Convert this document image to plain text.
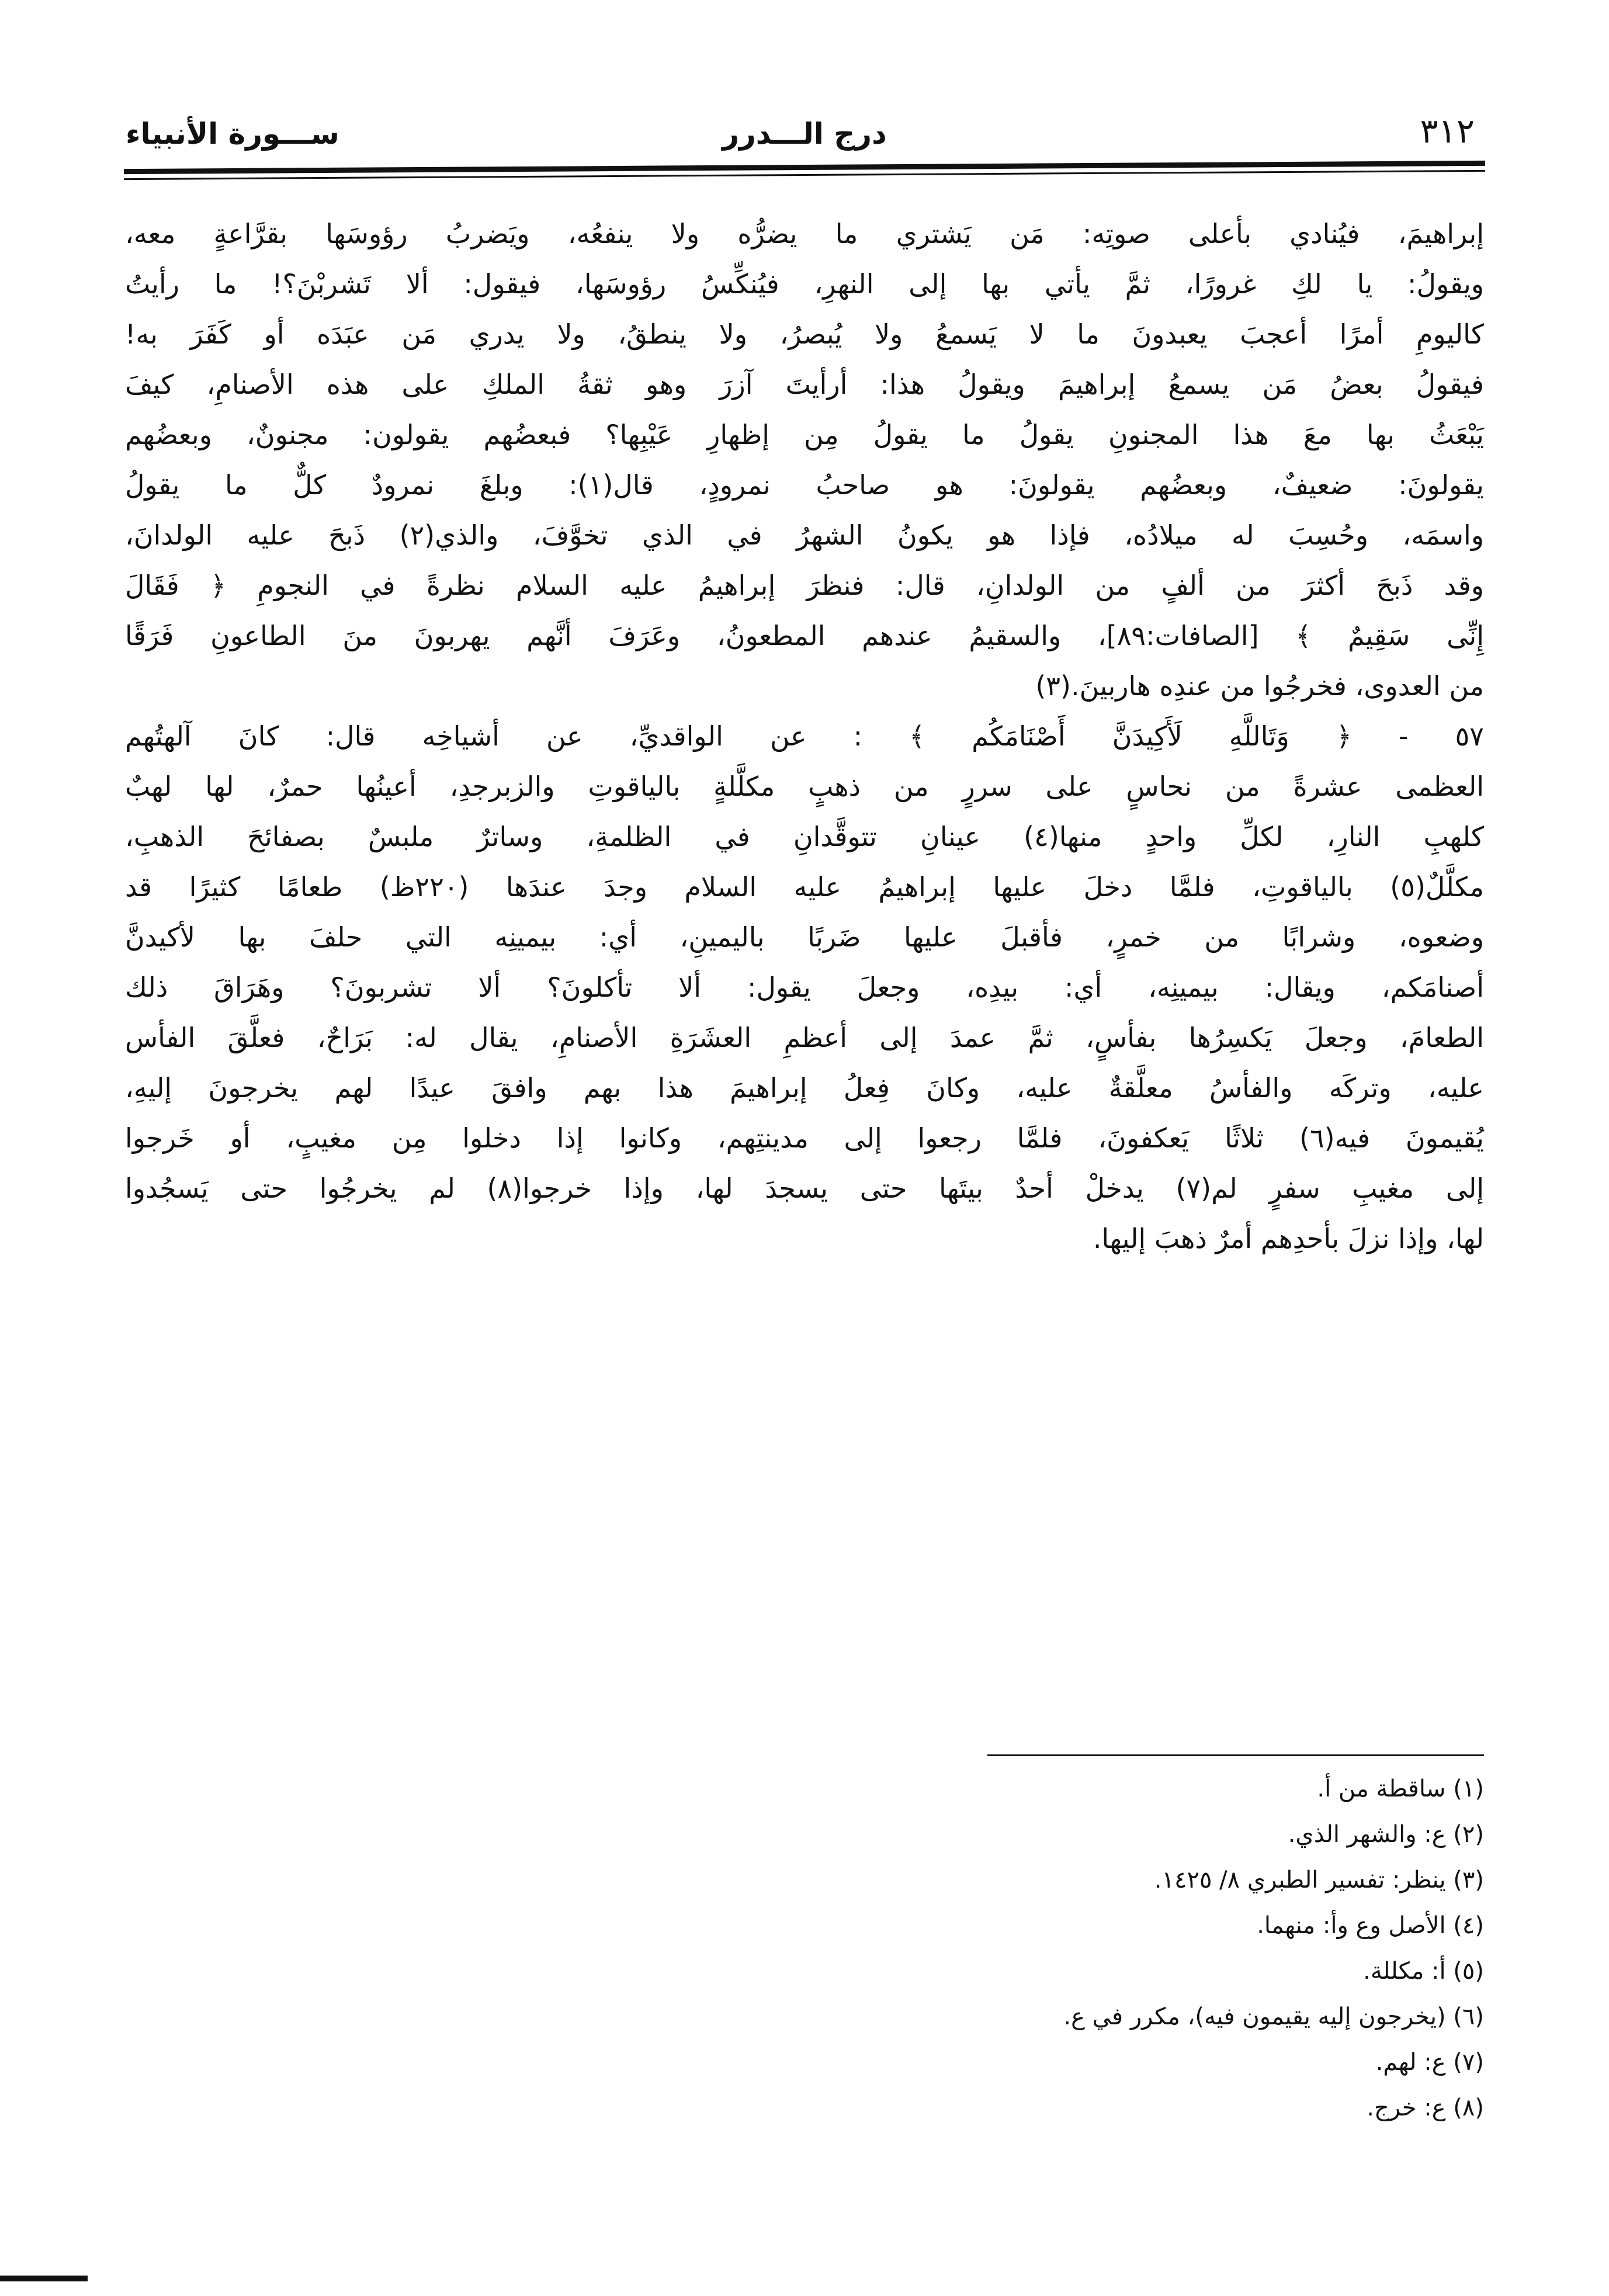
٣١٢
درج الـــدرر
ســـورة الأنبياء
إبراهيمَ، فيُنادي بأعلى صوتِه: مَن يَشتري ما يضرُّه ولا ينفعُه، ويَضربُ رؤوسَها بقرَّاعةٍ معه،
ويقولُ: يا لكِ غرورًا، ثمَّ يأتي بها إلى النهرِ، فيُنكِّسُ رؤوسَها، فيقول: ألا تَشربْنَ؟! ما رأيتُ
كاليومِ أمرًا أعجبَ يعبدونَ ما لا يَسمعُ ولا يُبصرُ، ولا ينطقُ، ولا يدري مَن عبَدَه أو كَفَرَ به!
فيقولُ بعضُ مَن يسمعُ إبراهيمَ ويقولُ هذا: أرأيتَ آزرَ وهو ثقةُ الملكِ على هذه الأصنامِ، كيفَ
يَبْعَثُ بها معَ هذا المجنونِ يقولُ ما يقولُ مِن إظهارِ عَيْبِها؟ فبعضُهم يقولون: مجنونٌ، وبعضُهم
يقولونَ: ضعيفٌ، وبعضُهم يقولونَ: هو صاحبُ نمرودٍ، قال(١): وبلغَ نمرودٌ كلٌّ ما يقولُ
واسمَه، وحُسِبَ له ميلادُه، فإذا هو يكونُ الشهرُ في الذي تخوَّفَ، والذي(٢) ذَبحَ عليه الولدانَ،
وقد ذَبحَ أكثرَ من ألفٍ من الولدانِ، قال: فنظرَ إبراهيمُ عليه السلام نظرةً في النجومِ ﴿ فَقَالَ
إِنِّى سَقِيمٌ ﴾ [الصافات:٨٩]، والسقيمُ عندهم المطعونُ، وعَرَفَ أنَّهم يهربونَ منَ الطاعونِ فَرَقًا
من العدوى، فخرجُوا من عندِه هاربينَ.(٣)
٥٧ - ﴿ وَتَاللَّهِ لَأَكِيدَنَّ أَصْنَامَكُم ﴾ : عن الواقديِّ، عن أشياخِه قال: كانَ آلهتُهم
العظمى عشرةً من نحاسٍ على سررٍ من ذهبٍ مكلَّلةٍ بالياقوتِ والزبرجدِ، أعينُها حمرٌ، لها لهبٌ
كلهبِ النارِ، لكلِّ واحدٍ منها(٤) عينانِ تتوقَّدانِ في الظلمةِ، وساترٌ ملبسٌ بصفائحَ الذهبِ،
مكلَّلٌ(٥) بالياقوتِ، فلمَّا دخلَ عليها إبراهيمُ عليه السلام وجدَ عندَها (٢٢٠ظ) طعامًا كثيرًا قد
وضعوه، وشرابًا من خمرٍ، فأقبلَ عليها ضَربًا باليمينِ، أي: بيمينِه التي حلفَ بها لأكيدنَّ
أصنامَكم، ويقال: بيمينِه، أي: بيدِه، وجعلَ يقول: ألا تأكلونَ؟ ألا تشربونَ؟ وهَرَاقَ ذلك
الطعامَ، وجعلَ يَكسِرُها بفأسٍ، ثمَّ عمدَ إلى أعظمِ العشَرَةِ الأصنامِ، يقال له: بَرَاحٌ، فعلَّقَ الفأس
عليه، وتركَه والفأسُ معلَّقةٌ عليه، وكانَ فِعلُ إبراهيمَ هذا بهم وافقَ عيدًا لهم يخرجونَ إليهِ،
يُقيمونَ فيه(٦) ثلاثًا يَعكفونَ، فلمَّا رجعوا إلى مدينتِهم، وكانوا إذا دخلوا مِن مغيبٍ، أو خَرجوا
إلى مغيبِ سفرٍ لم(٧) يدخلْ أحدٌ بيتَها حتى يسجدَ لها، وإذا خرجوا(٨) لم يخرجُوا حتى يَسجُدوا
لها، وإذا نزلَ بأحدِهم أمرٌ ذهبَ إليها.
(١) ساقطة من أ.
(٢) ع: والشهر الذي.
(٣) ينظر: تفسير الطبري ٨/ ١٤٢٥.
(٤) الأصل وع وأ: منهما.
(٥) أ: مكللة.
(٦) (يخرجون إليه يقيمون فيه)، مكرر في ع.
(٧) ع: لهم.
(٨) ع: خرج.
